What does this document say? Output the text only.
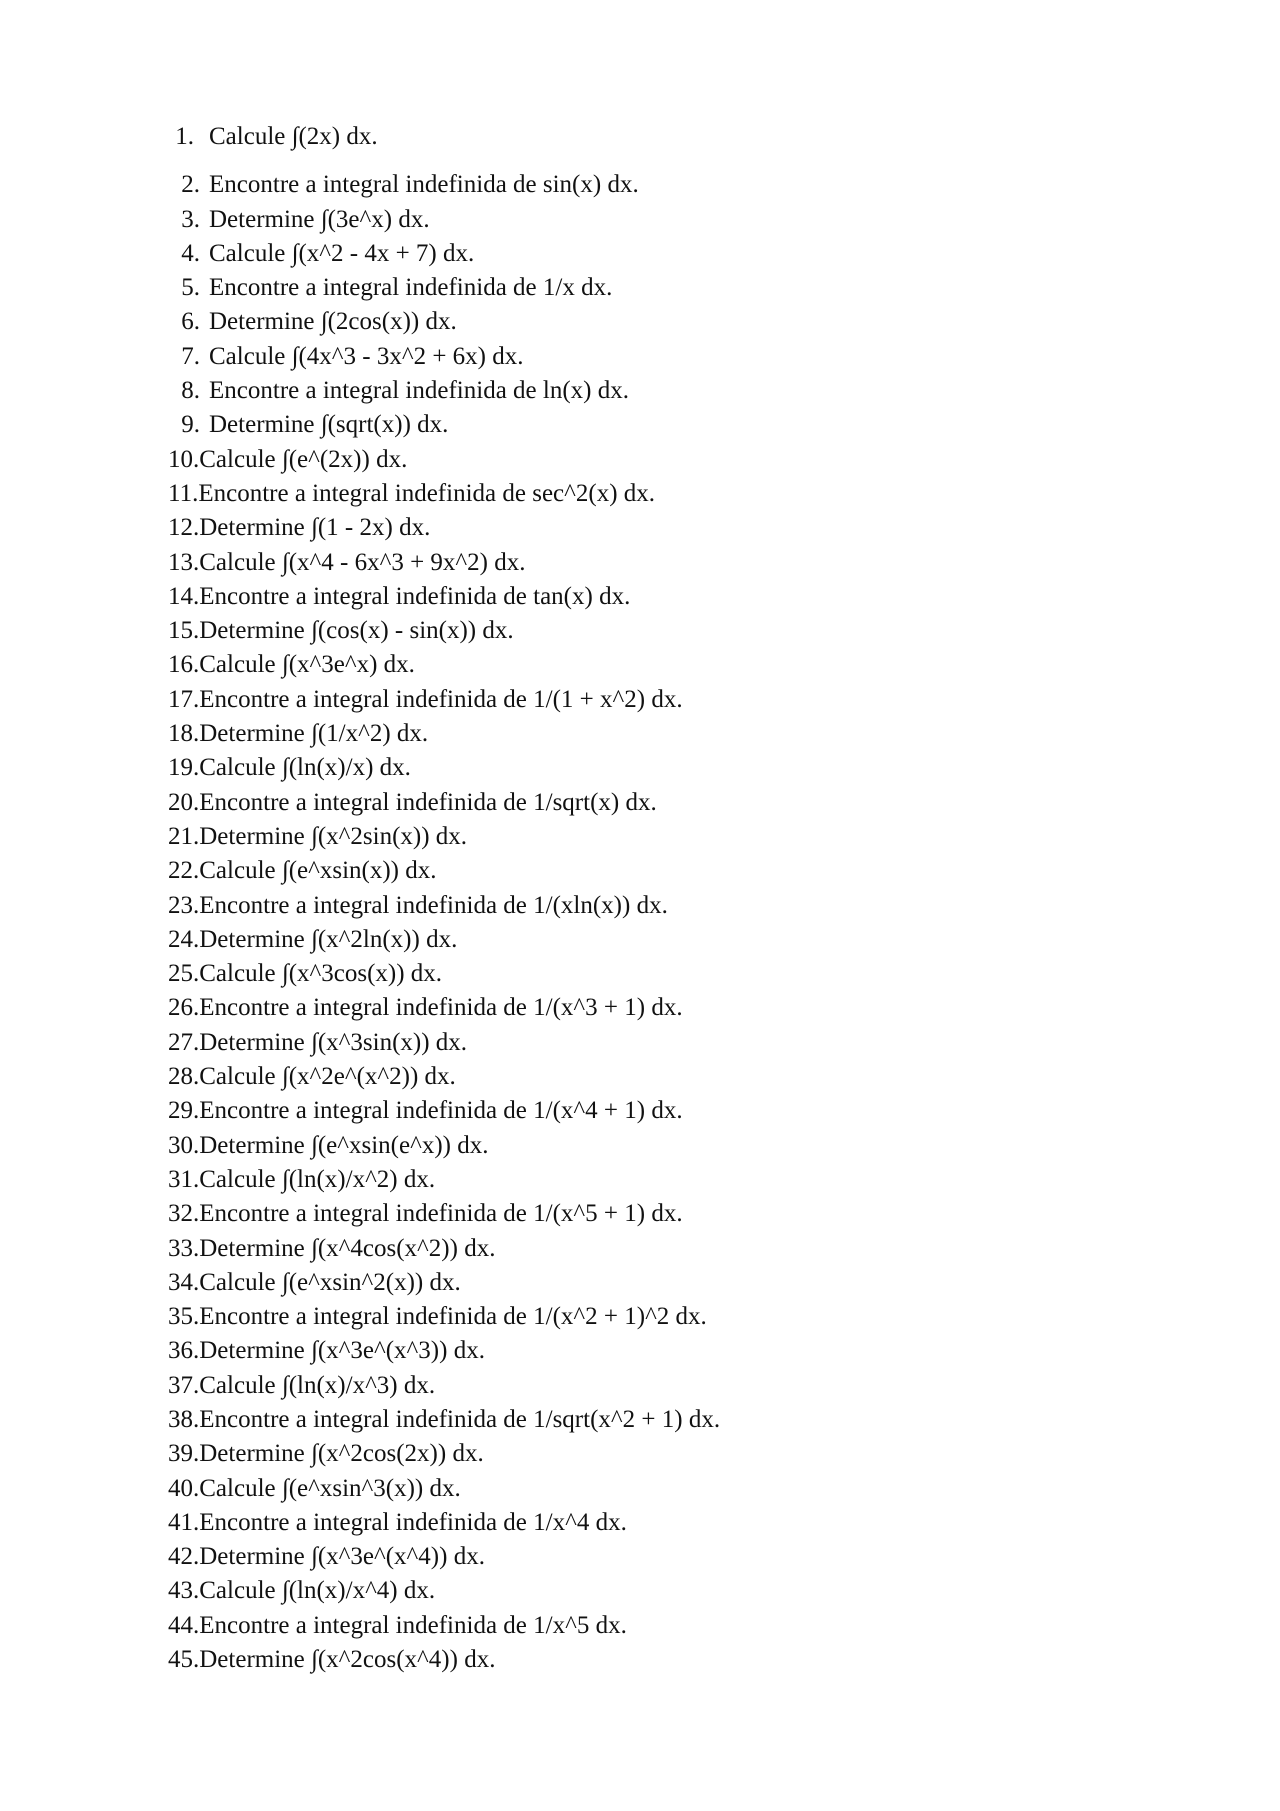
1. Calcule ∫(2x) dx.
2. Encontre a integral indefinida de sin(x) dx.
3. Determine ∫(3e^x) dx.
4. Calcule ∫(x^2 - 4x + 7) dx.
5. Encontre a integral indefinida de 1/x dx.
6. Determine ∫(2cos(x)) dx.
7. Calcule ∫(4x^3 - 3x^2 + 6x) dx.
8. Encontre a integral indefinida de ln(x) dx.
9. Determine ∫(sqrt(x)) dx.
10. Calcule ∫(e^(2x)) dx.
11. Encontre a integral indefinida de sec^2(x) dx.
12. Determine ∫(1 - 2x) dx.
13. Calcule ∫(x^4 - 6x^3 + 9x^2) dx.
14. Encontre a integral indefinida de tan(x) dx.
15. Determine ∫(cos(x) - sin(x)) dx.
16. Calcule ∫(x^3e^x) dx.
17. Encontre a integral indefinida de 1/(1 + x^2) dx.
18. Determine ∫(1/x^2) dx.
19. Calcule ∫(ln(x)/x) dx.
20. Encontre a integral indefinida de 1/sqrt(x) dx.
21. Determine ∫(x^2sin(x)) dx.
22. Calcule ∫(e^xsin(x)) dx.
23. Encontre a integral indefinida de 1/(xln(x)) dx.
24. Determine ∫(x^2ln(x)) dx.
25. Calcule ∫(x^3cos(x)) dx.
26. Encontre a integral indefinida de 1/(x^3 + 1) dx.
27. Determine ∫(x^3sin(x)) dx.
28. Calcule ∫(x^2e^(x^2)) dx.
29. Encontre a integral indefinida de 1/(x^4 + 1) dx.
30. Determine ∫(e^xsin(e^x)) dx.
31. Calcule ∫(ln(x)/x^2) dx.
32. Encontre a integral indefinida de 1/(x^5 + 1) dx.
33. Determine ∫(x^4cos(x^2)) dx.
34. Calcule ∫(e^xsin^2(x)) dx.
35. Encontre a integral indefinida de 1/(x^2 + 1)^2 dx.
36. Determine ∫(x^3e^(x^3)) dx.
37. Calcule ∫(ln(x)/x^3) dx.
38. Encontre a integral indefinida de 1/sqrt(x^2 + 1) dx.
39. Determine ∫(x^2cos(2x)) dx.
40. Calcule ∫(e^xsin^3(x)) dx.
41. Encontre a integral indefinida de 1/x^4 dx.
42. Determine ∫(x^3e^(x^4)) dx.
43. Calcule ∫(ln(x)/x^4) dx.
44. Encontre a integral indefinida de 1/x^5 dx.
45. Determine ∫(x^2cos(x^4)) dx.
